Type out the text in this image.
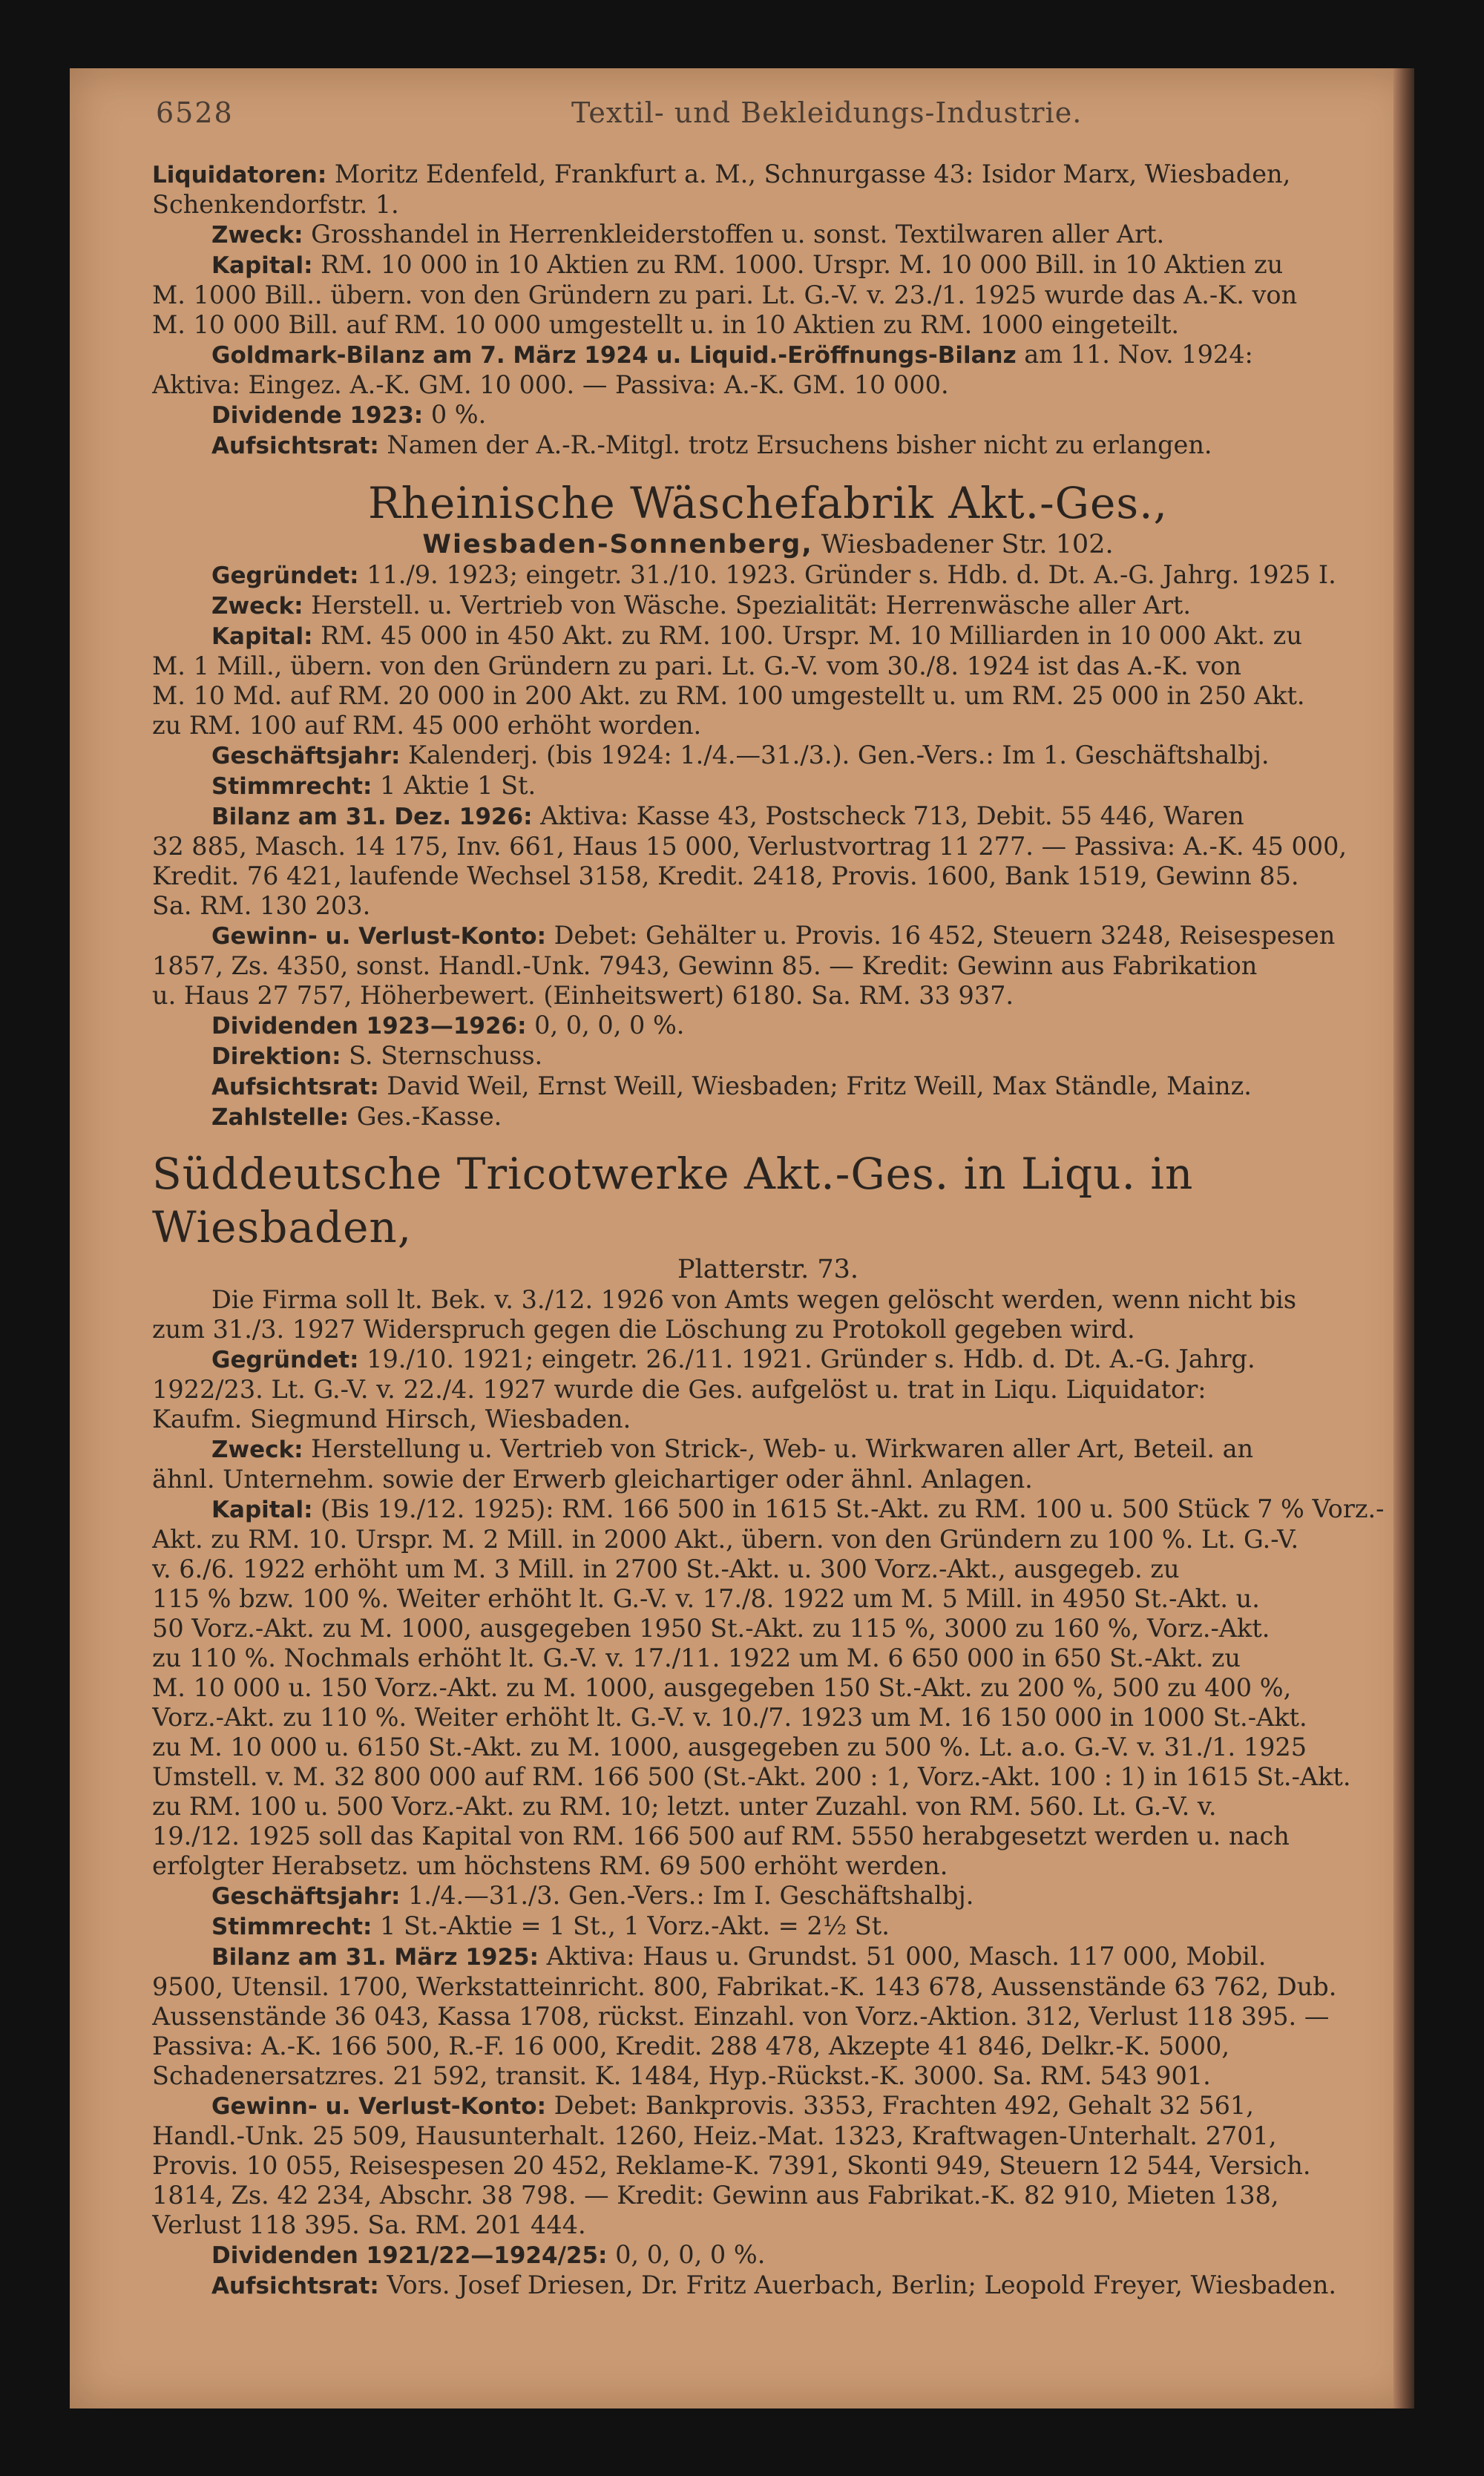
6528	Textil- und Bekleidungs-Industrie.
Liquidatoren: Moritz Edenfeld, Frankfurt a. M., Schnurgasse 43: Isidor Marx, Wiesbaden,
Schenkendorfstr. 1.
Zweck: Grosshandel in Herrenkleiderstoffen u. sonst. Textilwaren aller Art.
Kapital: RM. 10 000 in 10 Aktien zu RM. 1000. Urspr. M. 10 000 Bill. in 10 Aktien zu
M. 1000 Bill.. übern. von den Gründern zu pari. Lt. G.-V. v. 23./1. 1925 wurde das A.-K. von
M. 10 000 Bill. auf RM. 10 000 umgestellt u. in 10 Aktien zu RM. 1000 eingeteilt.
Goldmark-Bilanz am 7. März 1924 u. Liquid.-Eröffnungs-Bilanz am 11. Nov. 1924:
Aktiva: Eingez. A.-K. GM. 10 000. — Passiva: A.-K. GM. 10 000.
Dividende 1923: 0 %.
Aufsichtsrat: Namen der A.-R.-Mitgl. trotz Ersuchens bisher nicht zu erlangen.
Rheinische Wäschefabrik Akt.-Ges.,
Wiesbaden-Sonnenberg, Wiesbadener Str. 102.
Gegründet: 11./9. 1923; eingetr. 31./10. 1923. Gründer s. Hdb. d. Dt. A.-G. Jahrg. 1925 I.
Zweck: Herstell. u. Vertrieb von Wäsche. Spezialität: Herrenwäsche aller Art.
Kapital: RM. 45 000 in 450 Akt. zu RM. 100. Urspr. M. 10 Milliarden in 10 000 Akt. zu
M. 1 Mill., übern. von den Gründern zu pari. Lt. G.-V. vom 30./8. 1924 ist das A.-K. von
M. 10 Md. auf RM. 20 000 in 200 Akt. zu RM. 100 umgestellt u. um RM. 25 000 in 250 Akt.
zu RM. 100 auf RM. 45 000 erhöht worden.
Geschäftsjahr: Kalenderj. (bis 1924: 1./4.—31./3.). Gen.-Vers.: Im 1. Geschäftshalbj.
Stimmrecht: 1 Aktie 1 St.
Bilanz am 31. Dez. 1926: Aktiva: Kasse 43, Postscheck 713, Debit. 55 446, Waren
32 885, Masch. 14 175, Inv. 661, Haus 15 000, Verlustvortrag 11 277. — Passiva: A.-K. 45 000,
Kredit. 76 421, laufende Wechsel 3158, Kredit. 2418, Provis. 1600, Bank 1519, Gewinn 85.
Sa. RM. 130 203.
Gewinn- u. Verlust-Konto: Debet: Gehälter u. Provis. 16 452, Steuern 3248, Reisespesen
1857, Zs. 4350, sonst. Handl.-Unk. 7943, Gewinn 85. — Kredit: Gewinn aus Fabrikation
u. Haus 27 757, Höherbewert. (Einheitswert) 6180. Sa. RM. 33 937.
Dividenden 1923—1926: 0, 0, 0, 0 %.
Direktion: S. Sternschuss.
Aufsichtsrat: David Weil, Ernst Weill, Wiesbaden; Fritz Weill, Max Ständle, Mainz.
Zahlstelle: Ges.-Kasse.
Süddeutsche Tricotwerke Akt.-Ges. in Liqu. in Wiesbaden,
Platterstr. 73.
Die Firma soll lt. Bek. v. 3./12. 1926 von Amts wegen gelöscht werden, wenn nicht bis
zum 31./3. 1927 Widerspruch gegen die Löschung zu Protokoll gegeben wird.
Gegründet: 19./10. 1921; eingetr. 26./11. 1921. Gründer s. Hdb. d. Dt. A.-G. Jahrg.
1922/23. Lt. G.-V. v. 22./4. 1927 wurde die Ges. aufgelöst u. trat in Liqu. Liquidator:
Kaufm. Siegmund Hirsch, Wiesbaden.
Zweck: Herstellung u. Vertrieb von Strick-, Web- u. Wirkwaren aller Art, Beteil. an
ähnl. Unternehm. sowie der Erwerb gleichartiger oder ähnl. Anlagen.
Kapital: (Bis 19./12. 1925): RM. 166 500 in 1615 St.-Akt. zu RM. 100 u. 500 Stück 7 % Vorz.-
Akt. zu RM. 10. Urspr. M. 2 Mill. in 2000 Akt., übern. von den Gründern zu 100 %. Lt. G.-V.
v. 6./6. 1922 erhöht um M. 3 Mill. in 2700 St.-Akt. u. 300 Vorz.-Akt., ausgegeb. zu
115 % bzw. 100 %. Weiter erhöht lt. G.-V. v. 17./8. 1922 um M. 5 Mill. in 4950 St.-Akt. u.
50 Vorz.-Akt. zu M. 1000, ausgegeben 1950 St.-Akt. zu 115 %, 3000 zu 160 %, Vorz.-Akt.
zu 110 %. Nochmals erhöht lt. G.-V. v. 17./11. 1922 um M. 6 650 000 in 650 St.-Akt. zu
M. 10 000 u. 150 Vorz.-Akt. zu M. 1000, ausgegeben 150 St.-Akt. zu 200 %, 500 zu 400 %,
Vorz.-Akt. zu 110 %. Weiter erhöht lt. G.-V. v. 10./7. 1923 um M. 16 150 000 in 1000 St.-Akt.
zu M. 10 000 u. 6150 St.-Akt. zu M. 1000, ausgegeben zu 500 %. Lt. a.o. G.-V. v. 31./1. 1925
Umstell. v. M. 32 800 000 auf RM. 166 500 (St.-Akt. 200 : 1, Vorz.-Akt. 100 : 1) in 1615 St.-Akt.
zu RM. 100 u. 500 Vorz.-Akt. zu RM. 10; letzt. unter Zuzahl. von RM. 560. Lt. G.-V. v.
19./12. 1925 soll das Kapital von RM. 166 500 auf RM. 5550 herabgesetzt werden u. nach
erfolgter Herabsetz. um höchstens RM. 69 500 erhöht werden.
Geschäftsjahr: 1./4.—31./3. Gen.-Vers.: Im I. Geschäftshalbj.
Stimmrecht: 1 St.-Aktie = 1 St., 1 Vorz.-Akt. = 2½ St.
Bilanz am 31. März 1925: Aktiva: Haus u. Grundst. 51 000, Masch. 117 000, Mobil.
9500, Utensil. 1700, Werkstatteinricht. 800, Fabrikat.-K. 143 678, Aussenstände 63 762, Dub.
Aussenstände 36 043, Kassa 1708, rückst. Einzahl. von Vorz.-Aktion. 312, Verlust 118 395. —
Passiva: A.-K. 166 500, R.-F. 16 000, Kredit. 288 478, Akzepte 41 846, Delkr.-K. 5000,
Schadenersatzres. 21 592, transit. K. 1484, Hyp.-Rückst.-K. 3000. Sa. RM. 543 901.
Gewinn- u. Verlust-Konto: Debet: Bankprovis. 3353, Frachten 492, Gehalt 32 561,
Handl.-Unk. 25 509, Hausunterhalt. 1260, Heiz.-Mat. 1323, Kraftwagen-Unterhalt. 2701,
Provis. 10 055, Reisespesen 20 452, Reklame-K. 7391, Skonti 949, Steuern 12 544, Versich.
1814, Zs. 42 234, Abschr. 38 798. — Kredit: Gewinn aus Fabrikat.-K. 82 910, Mieten 138,
Verlust 118 395. Sa. RM. 201 444.
Dividenden 1921/22—1924/25: 0, 0, 0, 0 %.
Aufsichtsrat: Vors. Josef Driesen, Dr. Fritz Auerbach, Berlin; Leopold Freyer, Wiesbaden.
